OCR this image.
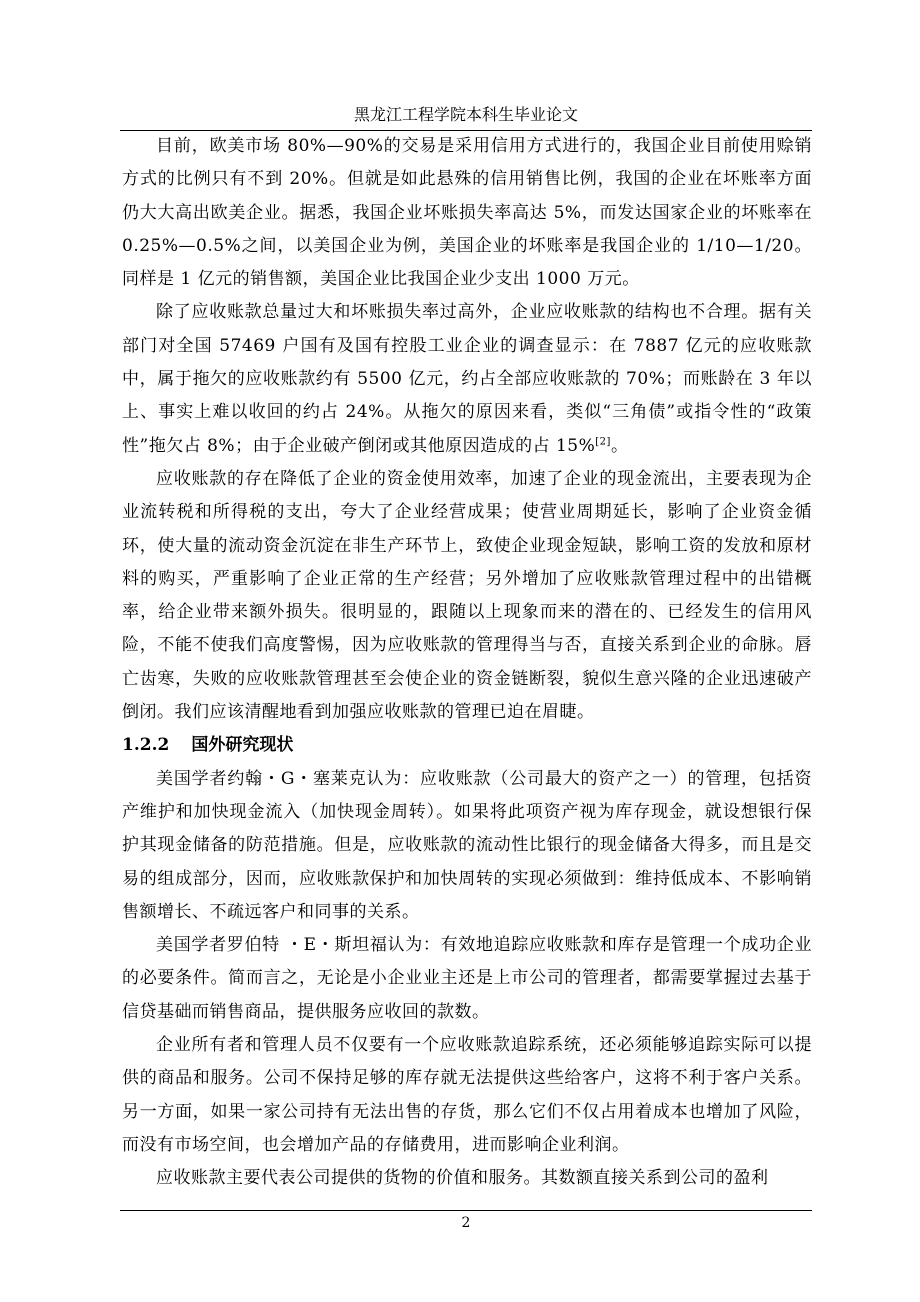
黑龙江工程学院本科生毕业论文

目前，欧美市场 80%—90%的交易是采用信用方式进行的，我国企业目前使用赊销方式的比例只有不到 20%。但就是如此悬殊的信用销售比例，我国的企业在坏账率方面仍大大高出欧美企业。据悉，我国企业坏账损失率高达 5%，而发达国家企业的坏账率在 0.25%—0.5%之间，以美国企业为例，美国企业的坏账率是我国企业的 1/10—1/20。同样是 1 亿元的销售额，美国企业比我国企业少支出 1000 万元。

除了应收账款总量过大和坏账损失率过高外，企业应收账款的结构也不合理。据有关部门对全国 57469 户国有及国有控股工业企业的调查显示：在 7887 亿元的应收账款中，属于拖欠的应收账款约有 5500 亿元，约占全部应收账款的 70%；而账龄在 3 年以上、事实上难以收回的约占 24%。从拖欠的原因来看，类似“三角债”或指令性的“政策性”拖欠占 8%；由于企业破产倒闭或其他原因造成的占 15%[2]。

应收账款的存在降低了企业的资金使用效率，加速了企业的现金流出，主要表现为企业流转税和所得税的支出，夸大了企业经营成果；使营业周期延长，影响了企业资金循环，使大量的流动资金沉淀在非生产环节上，致使企业现金短缺，影响工资的发放和原材料的购买，严重影响了企业正常的生产经营；另外增加了应收账款管理过程中的出错概率，给企业带来额外损失。很明显的，跟随以上现象而来的潜在的、已经发生的信用风险，不能不使我们高度警惕，因为应收账款的管理得当与否，直接关系到企业的命脉。唇亡齿寒，失败的应收账款管理甚至会使企业的资金链断裂，貌似生意兴隆的企业迅速破产倒闭。我们应该清醒地看到加强应收账款的管理已迫在眉睫。

1.2.2 国外研究现状

美国学者约翰・G・塞莱克认为：应收账款（公司最大的资产之一）的管理，包括资产维护和加快现金流入（加快现金周转）。如果将此项资产视为库存现金，就设想银行保护其现金储备的防范措施。但是，应收账款的流动性比银行的现金储备大得多，而且是交易的组成部分，因而，应收账款保护和加快周转的实现必须做到：维持低成本、不影响销售额增长、不疏远客户和同事的关系。

美国学者罗伯特 ・E・斯坦福认为：有效地追踪应收账款和库存是管理一个成功企业的必要条件。简而言之，无论是小企业业主还是上市公司的管理者，都需要掌握过去基于信贷基础而销售商品，提供服务应收回的款数。

企业所有者和管理人员不仅要有一个应收账款追踪系统，还必须能够追踪实际可以提供的商品和服务。公司不保持足够的库存就无法提供这些给客户，这将不利于客户关系。另一方面，如果一家公司持有无法出售的存货，那么它们不仅占用着成本也增加了风险，而没有市场空间，也会增加产品的存储费用，进而影响企业利润。

应收账款主要代表公司提供的货物的价值和服务。其数额直接关系到公司的盈利

2
